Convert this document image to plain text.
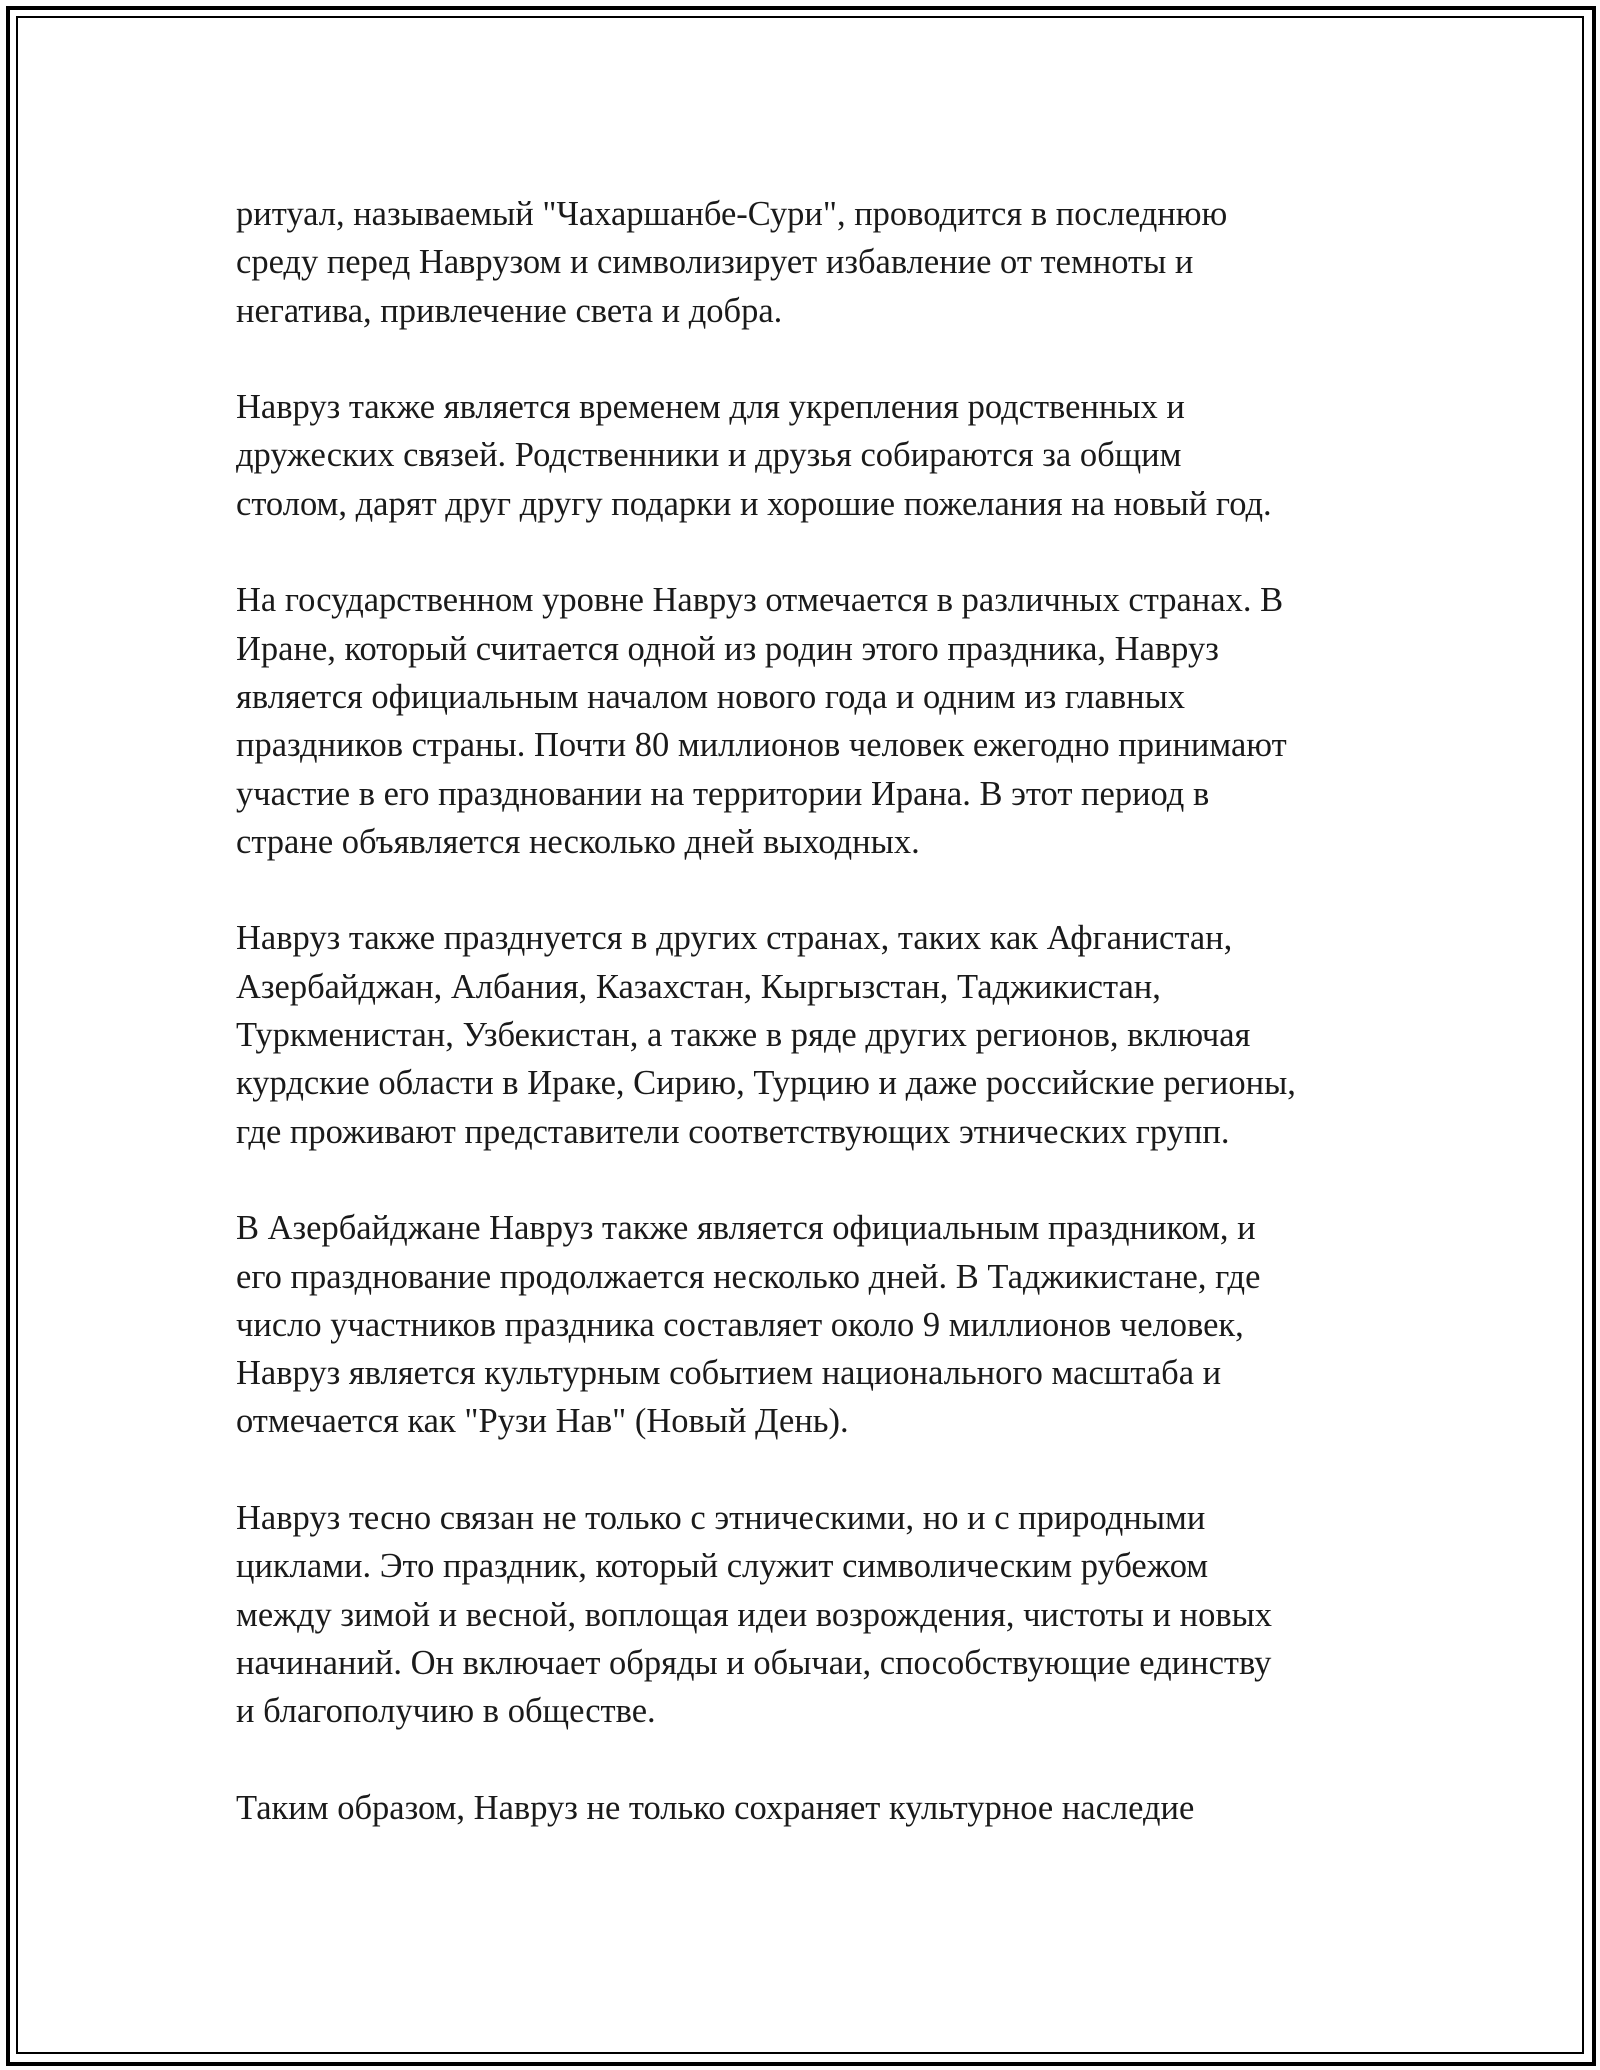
ритуал, называемый "Чахаршанбе-Сури", проводится в последнюю
среду перед Наврузом и символизирует избавление от темноты и
негатива, привлечение света и добра.

Навруз также является временем для укрепления родственных и
дружеских связей. Родственники и друзья собираются за общим
столом, дарят друг другу подарки и хорошие пожелания на новый год.

На государственном уровне Навруз отмечается в различных странах. В
Иране, который считается одной из родин этого праздника, Навруз
является официальным началом нового года и одним из главных
праздников страны. Почти 80 миллионов человек ежегодно принимают
участие в его праздновании на территории Ирана. В этот период в
стране объявляется несколько дней выходных.

Навруз также празднуется в других странах, таких как Афганистан,
Азербайджан, Албания, Казахстан, Кыргызстан, Таджикистан,
Туркменистан, Узбекистан, а также в ряде других регионов, включая
курдские области в Ираке, Сирию, Турцию и даже российские регионы,
где проживают представители соответствующих этнических групп.

В Азербайджане Навруз также является официальным праздником, и
его празднование продолжается несколько дней. В Таджикистане, где
число участников праздника составляет около 9 миллионов человек,
Навруз является культурным событием национального масштаба и
отмечается как "Рузи Нав" (Новый День).

Навруз тесно связан не только с этническими, но и с природными
циклами. Это праздник, который служит символическим рубежом
между зимой и весной, воплощая идеи возрождения, чистоты и новых
начинаний. Он включает обряды и обычаи, способствующие единству
и благополучию в обществе.

Таким образом, Навруз не только сохраняет культурное наследие
